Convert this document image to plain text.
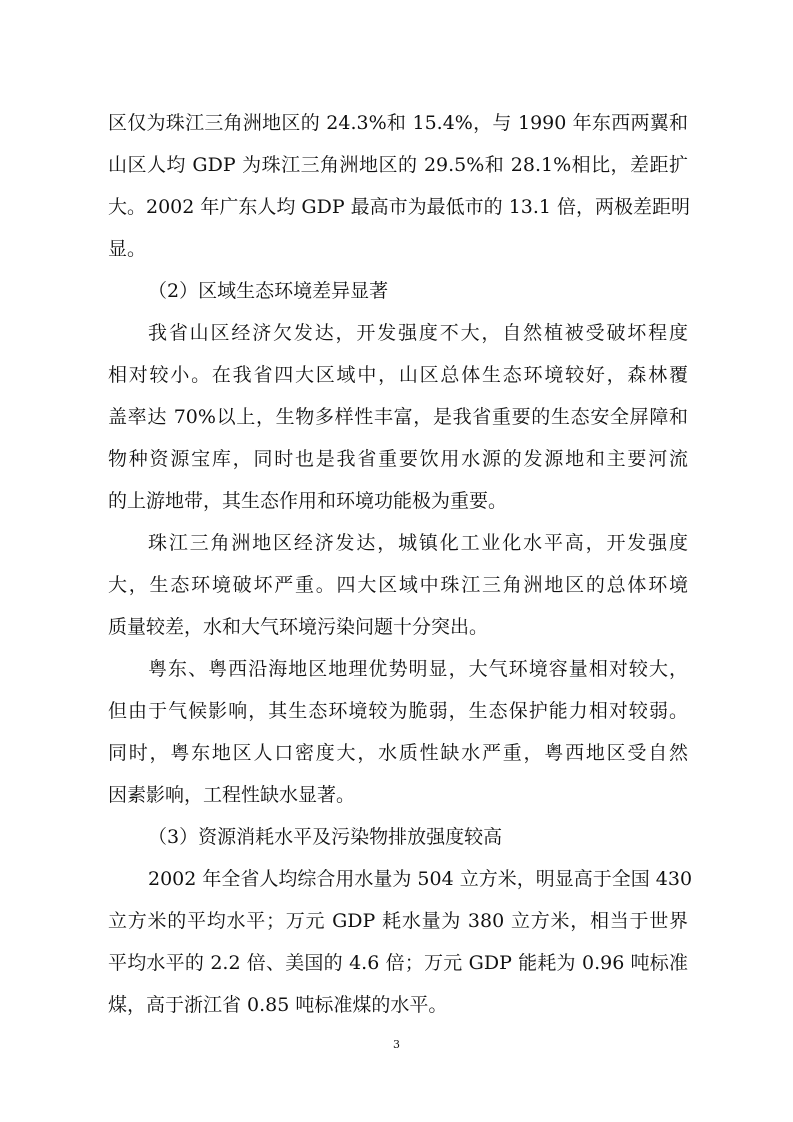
区仅为珠江三角洲地区的 24.3%和 15.4%，与 1990 年东西两翼和
山区人均 GDP 为珠江三角洲地区的 29.5%和 28.1%相比，差距扩
大。2002 年广东人均 GDP 最高市为最低市的 13.1 倍，两极差距明
显。
（2）区域生态环境差异显著
我省山区经济欠发达，开发强度不大，自然植被受破坏程度
相对较小。在我省四大区域中，山区总体生态环境较好，森林覆
盖率达 70%以上，生物多样性丰富，是我省重要的生态安全屏障和
物种资源宝库，同时也是我省重要饮用水源的发源地和主要河流
的上游地带，其生态作用和环境功能极为重要。
珠江三角洲地区经济发达，城镇化工业化水平高，开发强度
大，生态环境破坏严重。四大区域中珠江三角洲地区的总体环境
质量较差，水和大气环境污染问题十分突出。
粤东、粤西沿海地区地理优势明显，大气环境容量相对较大，
但由于气候影响，其生态环境较为脆弱，生态保护能力相对较弱。
同时，粤东地区人口密度大，水质性缺水严重，粤西地区受自然
因素影响，工程性缺水显著。
（3）资源消耗水平及污染物排放强度较高
2002 年全省人均综合用水量为 504 立方米，明显高于全国 430
立方米的平均水平；万元 GDP 耗水量为 380 立方米，相当于世界
平均水平的 2.2 倍、美国的 4.6 倍；万元 GDP 能耗为 0.96 吨标准
煤，高于浙江省 0.85 吨标准煤的水平。
3
